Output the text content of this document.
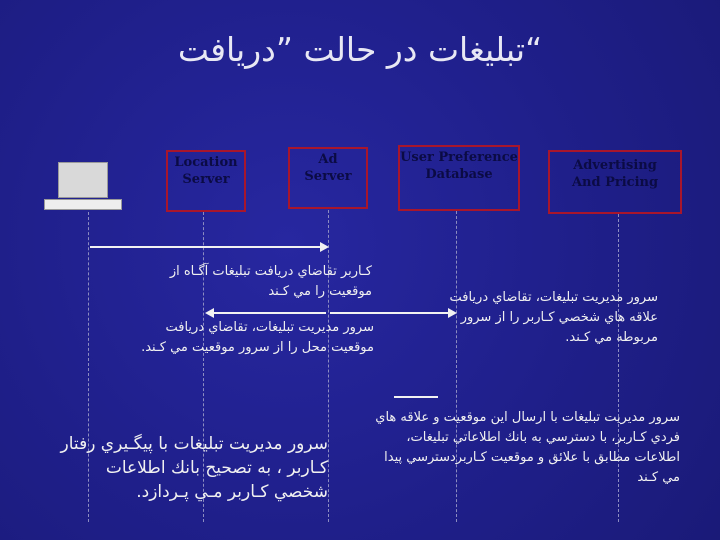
تبلیغات در حالت ”دریافت“
Location
Server
Ad
Server
User Preference
Database
Advertising
And Pricing
کـاربر تقاضاي دريافت تبليغات آگـاه از
موقعيت را مي كـند
سرور مديريت تبليغات، تقاضاي دريافت
موقعيت محل را از سرور موقعيت مي كـند.
سرور مديريت تبليغات، تقاضاي دريافت
علاقه هاي شخصي كـاربر را از سرور
مربوطه مي كـند.
سرور مديريت تبليغات با ارسال اين موقعيت و علاقه هاي
فردي كـاربر، با دسترسي به بانك اطلاعاتي تبليغات،
اطلاعات مطابق با علائق و موقعيت كـاربردسترسي پيدا
مي كـند
سرور مديريت تبليغات با پيگـيري رفتار
كـاربر ، به تصحيح بانك اطلاعات
شخصي كـاربر مـي پـردازد.
